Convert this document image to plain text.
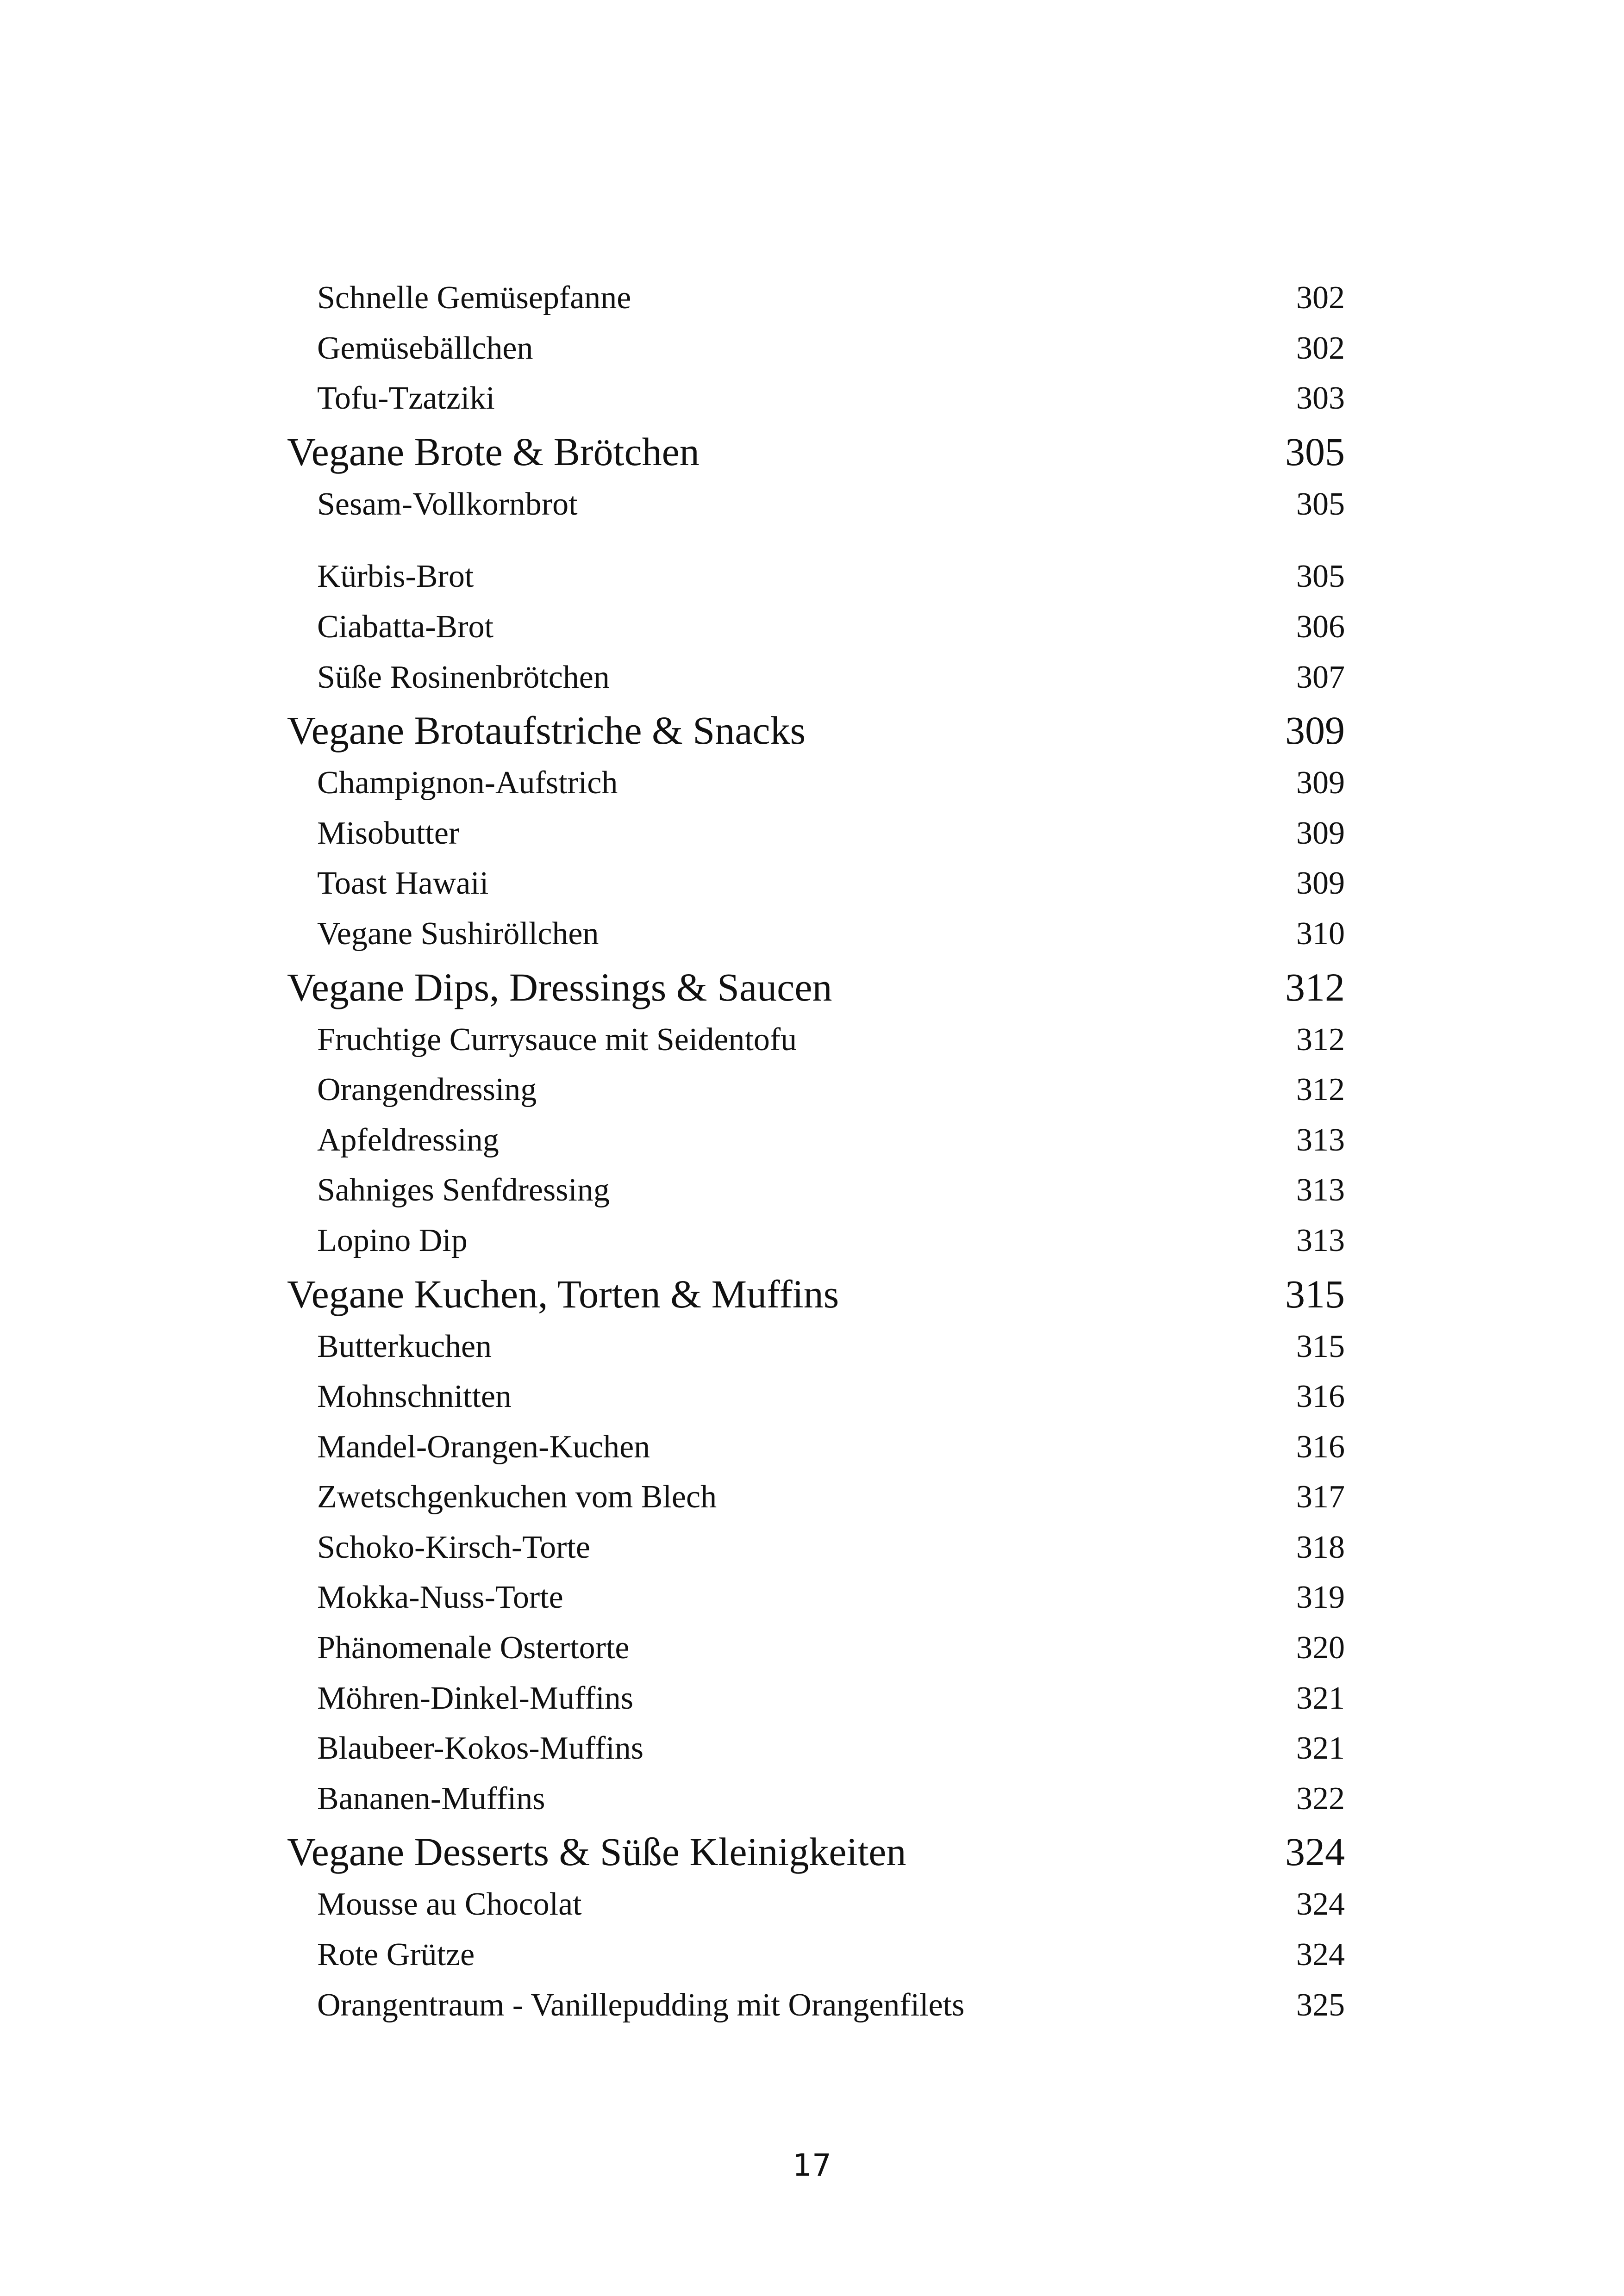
Schnelle Gemüsepfanne	302
Gemüsebällchen	302
Tofu-Tzatziki	303
Vegane Brote & Brötchen	305
Sesam-Vollkornbrot	305
Kürbis-Brot	305
Ciabatta-Brot	306
Süße Rosinenbrötchen	307
Vegane Brotaufstriche & Snacks	309
Champignon-Aufstrich	309
Misobutter	309
Toast Hawaii	309
Vegane Sushiröllchen	310
Vegane Dips, Dressings & Saucen	312
Fruchtige Currysauce mit Seidentofu	312
Orangendressing	312
Apfeldressing	313
Sahniges Senfdressing	313
Lopino Dip	313
Vegane Kuchen, Torten & Muffins	315
Butterkuchen	315
Mohnschnitten	316
Mandel-Orangen-Kuchen	316
Zwetschgenkuchen vom Blech	317
Schoko-Kirsch-Torte	318
Mokka-Nuss-Torte	319
Phänomenale Ostertorte	320
Möhren-Dinkel-Muffins	321
Blaubeer-Kokos-Muffins	321
Bananen-Muffins	322
Vegane Desserts & Süße Kleinigkeiten	324
Mousse au Chocolat	324
Rote Grütze	324
Orangentraum - Vanillepudding mit Orangenfilets	325
17
